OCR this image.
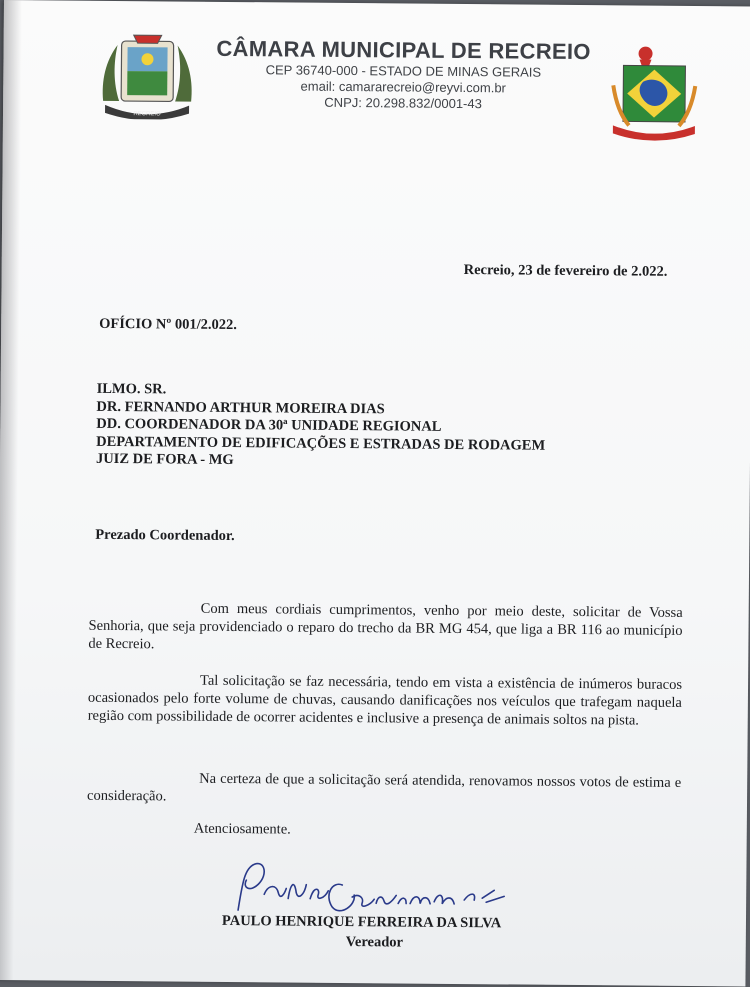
RECREIO
CÂMARA MUNICIPAL DE RECREIO
CEP 36740-000 - ESTADO DE MINAS GERAIS
email: camararecreio@reyvi.com.br
CNPJ: 20.298.832/0001-43
Recreio, 23 de fevereiro de 2.022.
OFÍCIO Nº 001/2.022.
ILMO. SR.
DR. FERNANDO ARTHUR MOREIRA DIAS
DD. COORDENADOR DA 30ª UNIDADE REGIONAL
DEPARTAMENTO DE EDIFICAÇÕES E ESTRADAS DE RODAGEM
JUIZ DE FORA - MG
Prezado Coordenador.
Com meus cordiais cumprimentos, venho por meio deste, solicitar de Vossa Senhoria, que seja providenciado o reparo do trecho da BR MG 454, que liga a BR 116 ao município de Recreio.
Tal solicitação se faz necessária, tendo em vista a existência de inúmeros buracos ocasionados pelo forte volume de chuvas, causando danificações nos veículos que trafegam naquela região com possibilidade de ocorrer acidentes e inclusive a presença de animais soltos na pista.
Na certeza de que a solicitação será atendida, renovamos nossos votos de estima e consideração.
Atenciosamente.
PAULO HENRIQUE FERREIRA DA SILVA
Vereador
